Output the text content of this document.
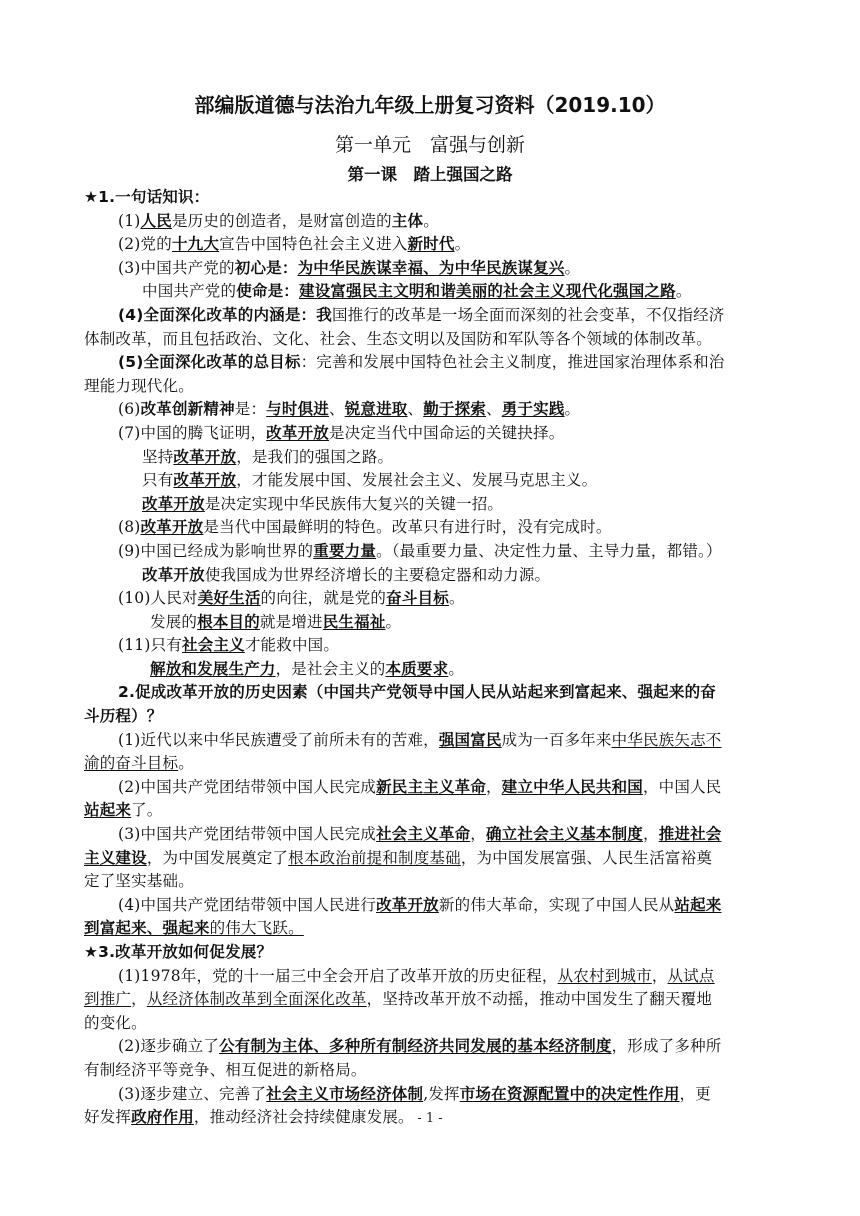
部编版道德与法治九年级上册复习资料（2019.10）
第一单元　富强与创新
第一课　踏上强国之路
★1.一句话知识：
(1)人民是历史的创造者，是财富创造的主体。
(2)党的十九大宣告中国特色社会主义进入新时代。
(3)中国共产党的初心是：为中华民族谋幸福、为中华民族谋复兴。
中国共产党的使命是：建设富强民主文明和谐美丽的社会主义现代化强国之路。
(4)全面深化改革的内涵是：我国推行的改革是一场全面而深刻的社会变革，不仅指经济
体制改革，而且包括政治、文化、社会、生态文明以及国防和军队等各个领域的体制改革。
(5)全面深化改革的总目标：完善和发展中国特色社会主义制度，推进国家治理体系和治
理能力现代化。
(6)改革创新精神是：与时俱进、锐意进取、勤于探索、勇于实践。
(7)中国的腾飞证明，改革开放是决定当代中国命运的关键抉择。
坚持改革开放，是我们的强国之路。
只有改革开放，才能发展中国、发展社会主义、发展马克思主义。
改革开放是决定实现中华民族伟大复兴的关键一招。
(8)改革开放是当代中国最鲜明的特色。改革只有进行时，没有完成时。
(9)中国已经成为影响世界的重要力量。（最重要力量、决定性力量、主导力量，都错。）
改革开放使我国成为世界经济增长的主要稳定器和动力源。
(10)人民对美好生活的向往，就是党的奋斗目标。
发展的根本目的就是增进民生福祉。
(11)只有社会主义才能救中国。
解放和发展生产力，是社会主义的本质要求。
2.促成改革开放的历史因素（中国共产党领导中国人民从站起来到富起来、强起来的奋
斗历程）？
(1)近代以来中华民族遭受了前所未有的苦难，强国富民成为一百多年来中华民族矢志不
渝的奋斗目标。
(2)中国共产党团结带领中国人民完成新民主主义革命，建立中华人民共和国，中国人民
站起来了。
(3)中国共产党团结带领中国人民完成社会主义革命，确立社会主义基本制度，推进社会
主义建设，为中国发展奠定了根本政治前提和制度基础，为中国发展富强、人民生活富裕奠
定了坚实基础。
(4)中国共产党团结带领中国人民进行改革开放新的伟大革命，实现了中国人民从站起来
到富起来、强起来的伟大飞跃。
★3.改革开放如何促发展？
(1)1978年，党的十一届三中全会开启了改革开放的历史征程，从农村到城市，从试点
到推广，从经济体制改革到全面深化改革，坚持改革开放不动摇，推动中国发生了翻天覆地
的变化。
(2)逐步确立了公有制为主体、多种所有制经济共同发展的基本经济制度，形成了多种所
有制经济平等竞争、相互促进的新格局。
(3)逐步建立、完善了社会主义市场经济体制,发挥市场在资源配置中的决定性作用，更
好发挥政府作用，推动经济社会持续健康发展。 - 1 -
